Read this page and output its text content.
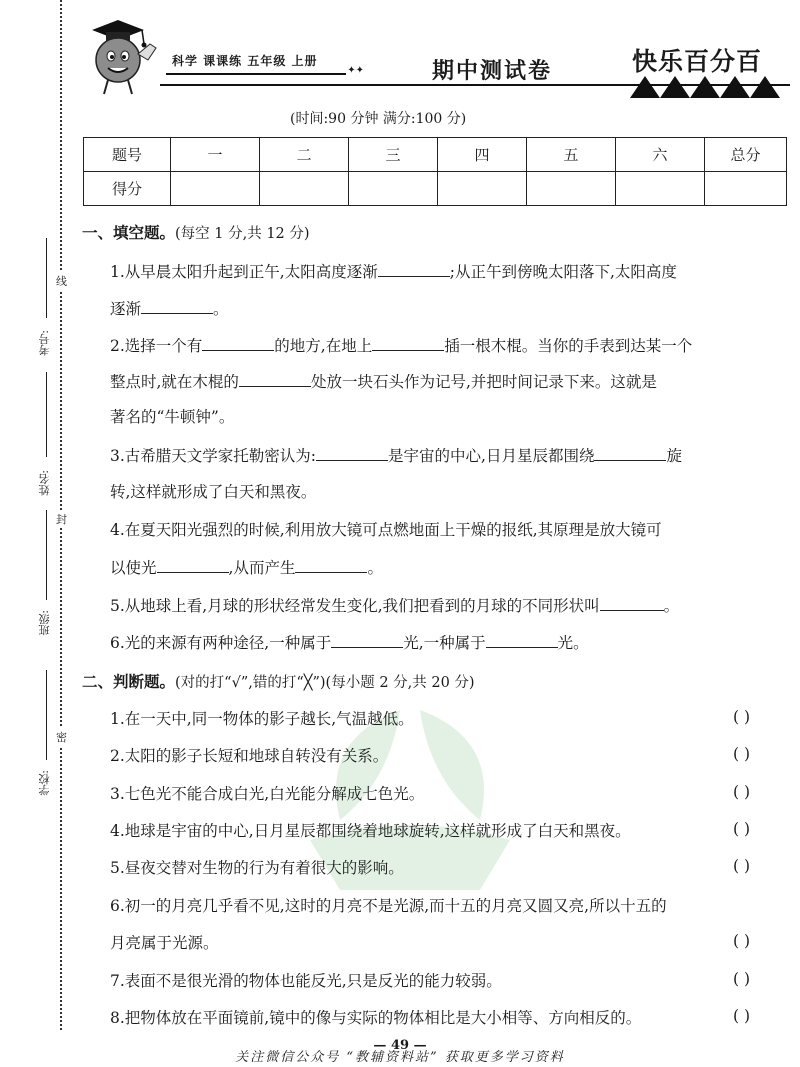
考号:
姓名:
班级:
学校:
线
封
密
科学 课课练 五年级 上册 ✦✦	期中测试卷	快乐百分百
(时间:90 分钟 满分:100 分)
题号	一	二	三	四	五	六	总分
得分							
一、填空题。(每空 1 分,共 12 分)
1.从早晨太阳升起到正午,太阳高度逐渐	;从正午到傍晚太阳落下,太阳高度
逐渐	。
2.选择一个有	的地方,在地上	插一根木棍。当你的手表到达某一个
整点时,就在木棍的	处放一块石头作为记号,并把时间记录下来。这就是
著名的“牛顿钟”。
3.古希腊天文学家托勒密认为:	是宇宙的中心,日月星辰都围绕	旋
转,这样就形成了白天和黑夜。
4.在夏天阳光强烈的时候,利用放大镜可点燃地面上干燥的报纸,其原理是放大镜可
以使光	,从而产生	。
5.从地球上看,月球的形状经常发生变化,我们把看到的月球的不同形状叫	。
6.光的来源有两种途径,一种属于	光,一种属于	光。
二、判断题。(对的打“√”,错的打“╳”)(每小题 2 分,共 20 分)
1.在一天中,同一物体的影子越长,气温越低。	( )
2.太阳的影子长短和地球自转没有关系。	( )
3.七色光不能合成白光,白光能分解成七色光。	( )
4.地球是宇宙的中心,日月星辰都围绕着地球旋转,这样就形成了白天和黑夜。	( )
5.昼夜交替对生物的行为有着很大的影响。	( )
6.初一的月亮几乎看不见,这时的月亮不是光源,而十五的月亮又圆又亮,所以十五的
月亮属于光源。	( )
7.表面不是很光滑的物体也能反光,只是反光的能力较弱。	( )
8.把物体放在平面镜前,镜中的像与实际的物体相比是大小相等、方向相反的。	( )
— 49 —
关注微信公众号 “教辅资料站” 获取更多学习资料
